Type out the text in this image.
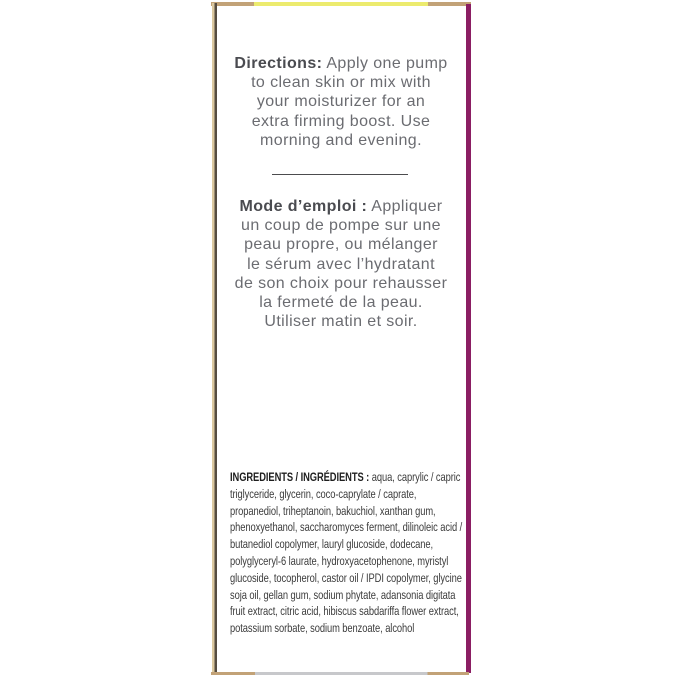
Directions: Apply one pump
to clean skin or mix with
your moisturizer for an
extra firming boost. Use
morning and evening.
Mode d’emploi : Appliquer
un coup de pompe sur une
peau propre, ou mélanger
le sérum avec l’hydratant
de son choix pour rehausser
la fermeté de la peau.
Utiliser matin et soir.
INGREDIENTS / INGRÉDIENTS : aqua, caprylic / capric
triglyceride, glycerin, coco-caprylate / caprate,
propanediol, triheptanoin, bakuchiol, xanthan gum,
phenoxyethanol, saccharomyces ferment, dilinoleic acid /
butanediol copolymer, lauryl glucoside, dodecane,
polyglyceryl-6 laurate, hydroxyacetophenone, myristyl
glucoside, tocopherol, castor oil / IPDI copolymer, glycine
soja oil, gellan gum, sodium phytate, adansonia digitata
fruit extract, citric acid, hibiscus sabdariffa flower extract,
potassium sorbate, sodium benzoate, alcohol
